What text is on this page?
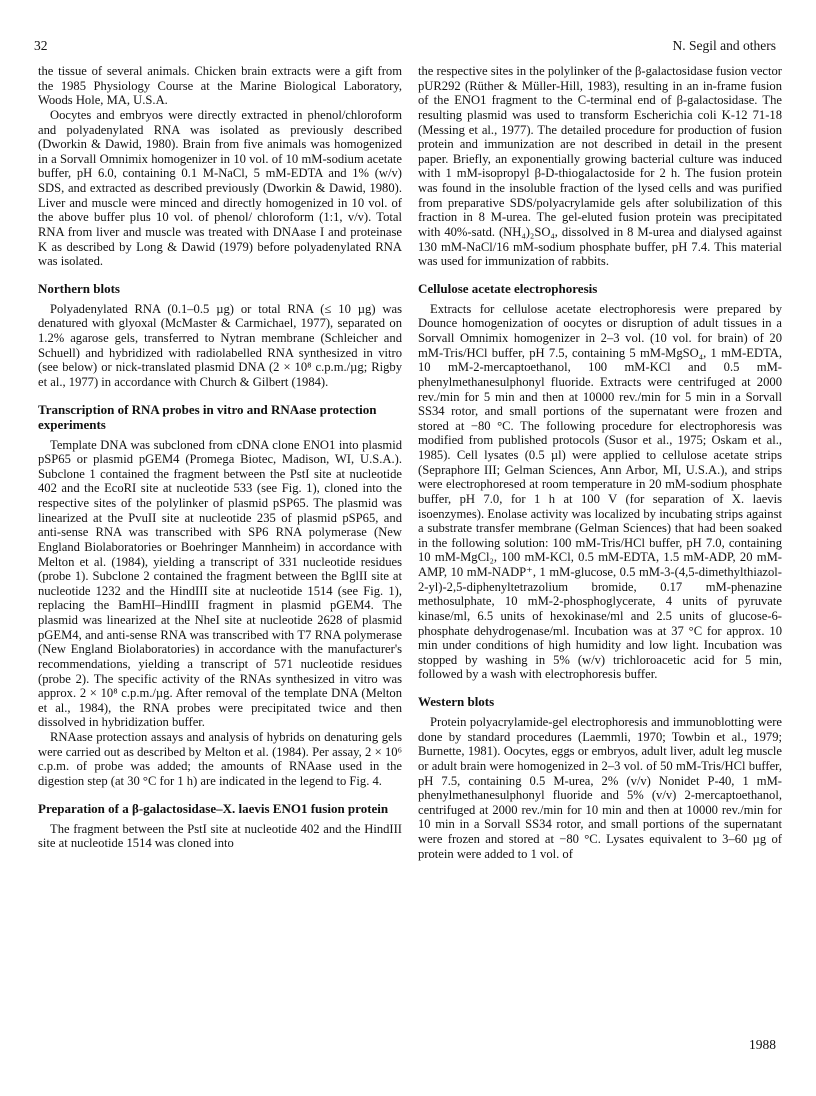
32	N. Segil and others

the tissue of several animals. Chicken brain extracts were a gift from the 1985 Physiology Course at the Marine Biological Laboratory, Woods Hole, MA, U.S.A.

Oocytes and embryos were directly extracted in phenol/chloroform and polyadenylated RNA was isolated as previously described (Dworkin & Dawid, 1980). Brain from five animals was homogenized in a Sorvall Omnimix homogenizer in 10 vol. of 10 mM-sodium acetate buffer, pH 6.0, containing 0.1 M-NaCl, 5 mM-EDTA and 1% (w/v) SDS, and extracted as described previously (Dworkin & Dawid, 1980). Liver and muscle were minced and directly homogenized in 10 vol. of the above buffer plus 10 vol. of phenol/ chloroform (1:1, v/v). Total RNA from liver and muscle was treated with DNAase I and proteinase K as described by Long & Dawid (1979) before polyadenylated RNA was isolated.

Northern blots

Polyadenylated RNA (0.1–0.5 µg) or total RNA (≤ 10 µg) was denatured with glyoxal (McMaster & Carmichael, 1977), separated on 1.2% agarose gels, transferred to Nytran membrane (Schleicher and Schuell) and hybridized with radiolabelled RNA synthesized in vitro (see below) or nick-translated plasmid DNA (2 × 10⁸ c.p.m./µg; Rigby et al., 1977) in accordance with Church & Gilbert (1984).

Transcription of RNA probes in vitro and RNAase protection experiments

Template DNA was subcloned from cDNA clone ENO1 into plasmid pSP65 or plasmid pGEM4 (Promega Biotec, Madison, WI, U.S.A.). Subclone 1 contained the fragment between the PstI site at nucleotide 402 and the EcoRI site at nucleotide 533 (see Fig. 1), cloned into the respective sites of the polylinker of plasmid pSP65. The plasmid was linearized at the PvuII site at nucleotide 235 of plasmid pSP65, and anti-sense RNA was transcribed with SP6 RNA polymerase (New England Biolaboratories or Boehringer Mannheim) in accordance with Melton et al. (1984), yielding a transcript of 331 nucleotide residues (probe 1). Subclone 2 contained the fragment between the BglII site at nucleotide 1232 and the HindIII site at nucleotide 1514 (see Fig. 1), replacing the BamHI–HindIII fragment in plasmid pGEM4. The plasmid was linearized at the NheI site at nucleotide 2628 of plasmid pGEM4, and anti-sense RNA was transcribed with T7 RNA polymerase (New England Biolaboratories) in accordance with the manufacturer's recommendations, yielding a transcript of 571 nucleotide residues (probe 2). The specific activity of the RNAs synthesized in vitro was approx. 2 × 10⁸ c.p.m./µg. After removal of the template DNA (Melton et al., 1984), the RNA probes were precipitated twice and then dissolved in hybridization buffer.

RNAase protection assays and analysis of hybrids on denaturing gels were carried out as described by Melton et al. (1984). Per assay, 2 × 10⁶ c.p.m. of probe was added; the amounts of RNAase used in the digestion step (at 30 °C for 1 h) are indicated in the legend to Fig. 4.

Preparation of a β-galactosidase–X. laevis ENO1 fusion protein

The fragment between the PstI site at nucleotide 402 and the HindIII site at nucleotide 1514 was cloned into

the respective sites in the polylinker of the β-galactosidase fusion vector pUR292 (Rüther & Müller-Hill, 1983), resulting in an in-frame fusion of the ENO1 fragment to the C-terminal end of β-galactosidase. The resulting plasmid was used to transform Escherichia coli K-12 71-18 (Messing et al., 1977). The detailed procedure for production of fusion protein and immunization are not described in detail in the present paper. Briefly, an exponentially growing bacterial culture was induced with 1 mM-isopropyl β-D-thiogalactoside for 2 h. The fusion protein was found in the insoluble fraction of the lysed cells and was purified from preparative SDS/polyacrylamide gels after solubilization of this fraction in 8 M-urea. The gel-eluted fusion protein was precipitated with 40%-satd. (NH₄)₂SO₄, dissolved in 8 M-urea and dialysed against 130 mM-NaCl/16 mM-sodium phosphate buffer, pH 7.4. This material was used for immunization of rabbits.

Cellulose acetate electrophoresis

Extracts for cellulose acetate electrophoresis were prepared by Dounce homogenization of oocytes or disruption of adult tissues in a Sorvall Omnimix homogenizer in 2–3 vol. (10 vol. for brain) of 20 mM-Tris/HCl buffer, pH 7.5, containing 5 mM-MgSO₄, 1 mM-EDTA, 10 mM-2-mercaptoethanol, 100 mM-KCl and 0.5 mM-phenylmethanesulphonyl fluoride. Extracts were centrifuged at 2000 rev./min for 5 min and then at 10000 rev./min for 5 min in a Sorvall SS34 rotor, and small portions of the supernatant were frozen and stored at −80 °C. The following procedure for electrophoresis was modified from published protocols (Susor et al., 1975; Oskam et al., 1985). Cell lysates (0.5 µl) were applied to cellulose acetate strips (Sepraphore III; Gelman Sciences, Ann Arbor, MI, U.S.A.), and strips were electrophoresed at room temperature in 20 mM-sodium phosphate buffer, pH 7.0, for 1 h at 100 V (for separation of X. laevis isoenzymes). Enolase activity was localized by incubating strips against a substrate transfer membrane (Gelman Sciences) that had been soaked in the following solution: 100 mM-Tris/HCl buffer, pH 7.0, containing 10 mM-MgCl₂, 100 mM-KCl, 0.5 mM-EDTA, 1.5 mM-ADP, 20 mM-AMP, 10 mM-NADP⁺, 1 mM-glucose, 0.5 mM-3-(4,5-dimethylthiazol-2-yl)-2,5-diphenyltetrazolium bromide, 0.17 mM-phenazine methosulphate, 10 mM-2-phosphoglycerate, 4 units of pyruvate kinase/ml, 6.5 units of hexokinase/ml and 2.5 units of glucose-6-phosphate dehydrogenase/ml. Incubation was at 37 °C for approx. 10 min under conditions of high humidity and low light. Incubation was stopped by washing in 5% (w/v) trichloroacetic acid for 5 min, followed by a wash with electrophoresis buffer.

Western blots

Protein polyacrylamide-gel electrophoresis and immunoblotting were done by standard procedures (Laemmli, 1970; Towbin et al., 1979; Burnette, 1981). Oocytes, eggs or embryos, adult liver, adult leg muscle or adult brain were homogenized in 2–3 vol. of 50 mM-Tris/HCl buffer, pH 7.5, containing 0.5 M-urea, 2% (v/v) Nonidet P-40, 1 mM-phenylmethanesulphonyl fluoride and 5% (v/v) 2-mercaptoethanol, centrifuged at 2000 rev./min for 10 min and then at 10000 rev./min for 10 min in a Sorvall SS34 rotor, and small portions of the supernatant were frozen and stored at −80 °C. Lysates equivalent to 3–60 µg of protein were added to 1 vol. of

1988
